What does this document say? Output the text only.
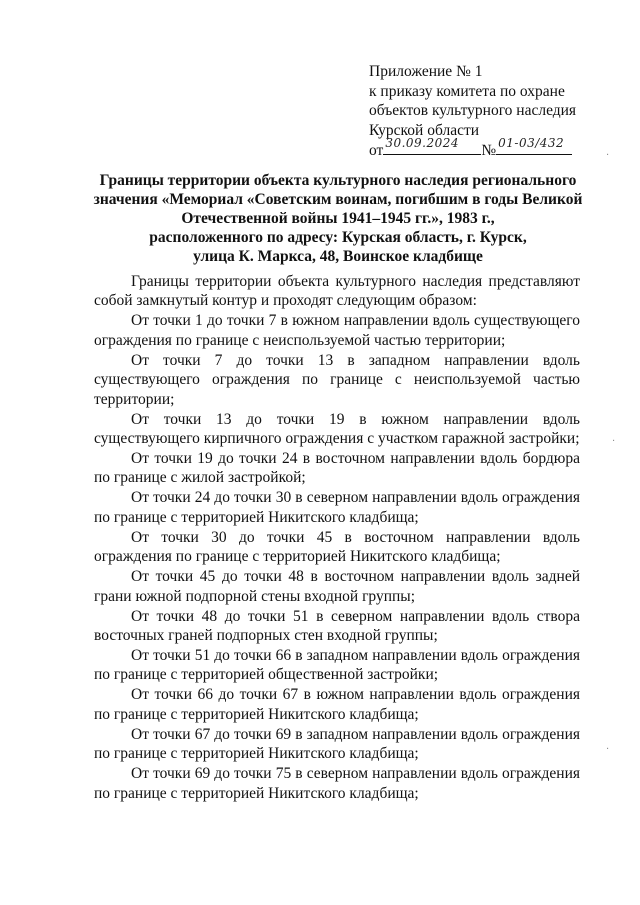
Приложение № 1
к приказу комитета по охране
объектов культурного наследия
Курской области
от 30.09.2024 № 01-03/432
Границы территории объекта культурного наследия регионального
значения «Мемориал «Советским воинам, погибшим в годы Великой
Отечественной войны 1941–1945 гг.», 1983 г.,
расположенного по адресу: Курская область, г. Курск,
улица К. Маркса, 48, Воинское кладбище

Границы территории объекта культурного наследия представляют собой замкнутый контур и проходят следующим образом:

От точки 1 до точки 7 в южном направлении вдоль существующего ограждения по границе с неиспользуемой частью территории;

От точки 7 до точки 13 в западном направлении вдоль существующего ограждения по границе с неиспользуемой частью территории;

От точки 13 до точки 19 в южном направлении вдоль существующего кирпичного ограждения с участком гаражной застройки;

От точки 19 до точки 24 в восточном направлении вдоль бордюра по границе с жилой застройкой;

От точки 24 до точки 30 в северном направлении вдоль ограждения по границе с территорией Никитского кладбища;

От точки 30 до точки 45 в восточном направлении вдоль ограждения по границе с территорией Никитского кладбища;

От точки 45 до точки 48 в восточном направлении вдоль задней грани южной подпорной стены входной группы;

От точки 48 до точки 51 в северном направлении вдоль створа восточных граней подпорных стен входной группы;

От точки 51 до точки 66 в западном направлении вдоль ограждения по границе с территорией общественной застройки;

От точки 66 до точки 67 в южном направлении вдоль ограждения по границе с территорией Никитского кладбища;

От точки 67 до точки 69 в западном направлении вдоль ограждения по границе с территорией Никитского кладбища;

От точки 69 до точки 75 в северном направлении вдоль ограждения по границе с территорией Никитского кладбища;

·
·
·
